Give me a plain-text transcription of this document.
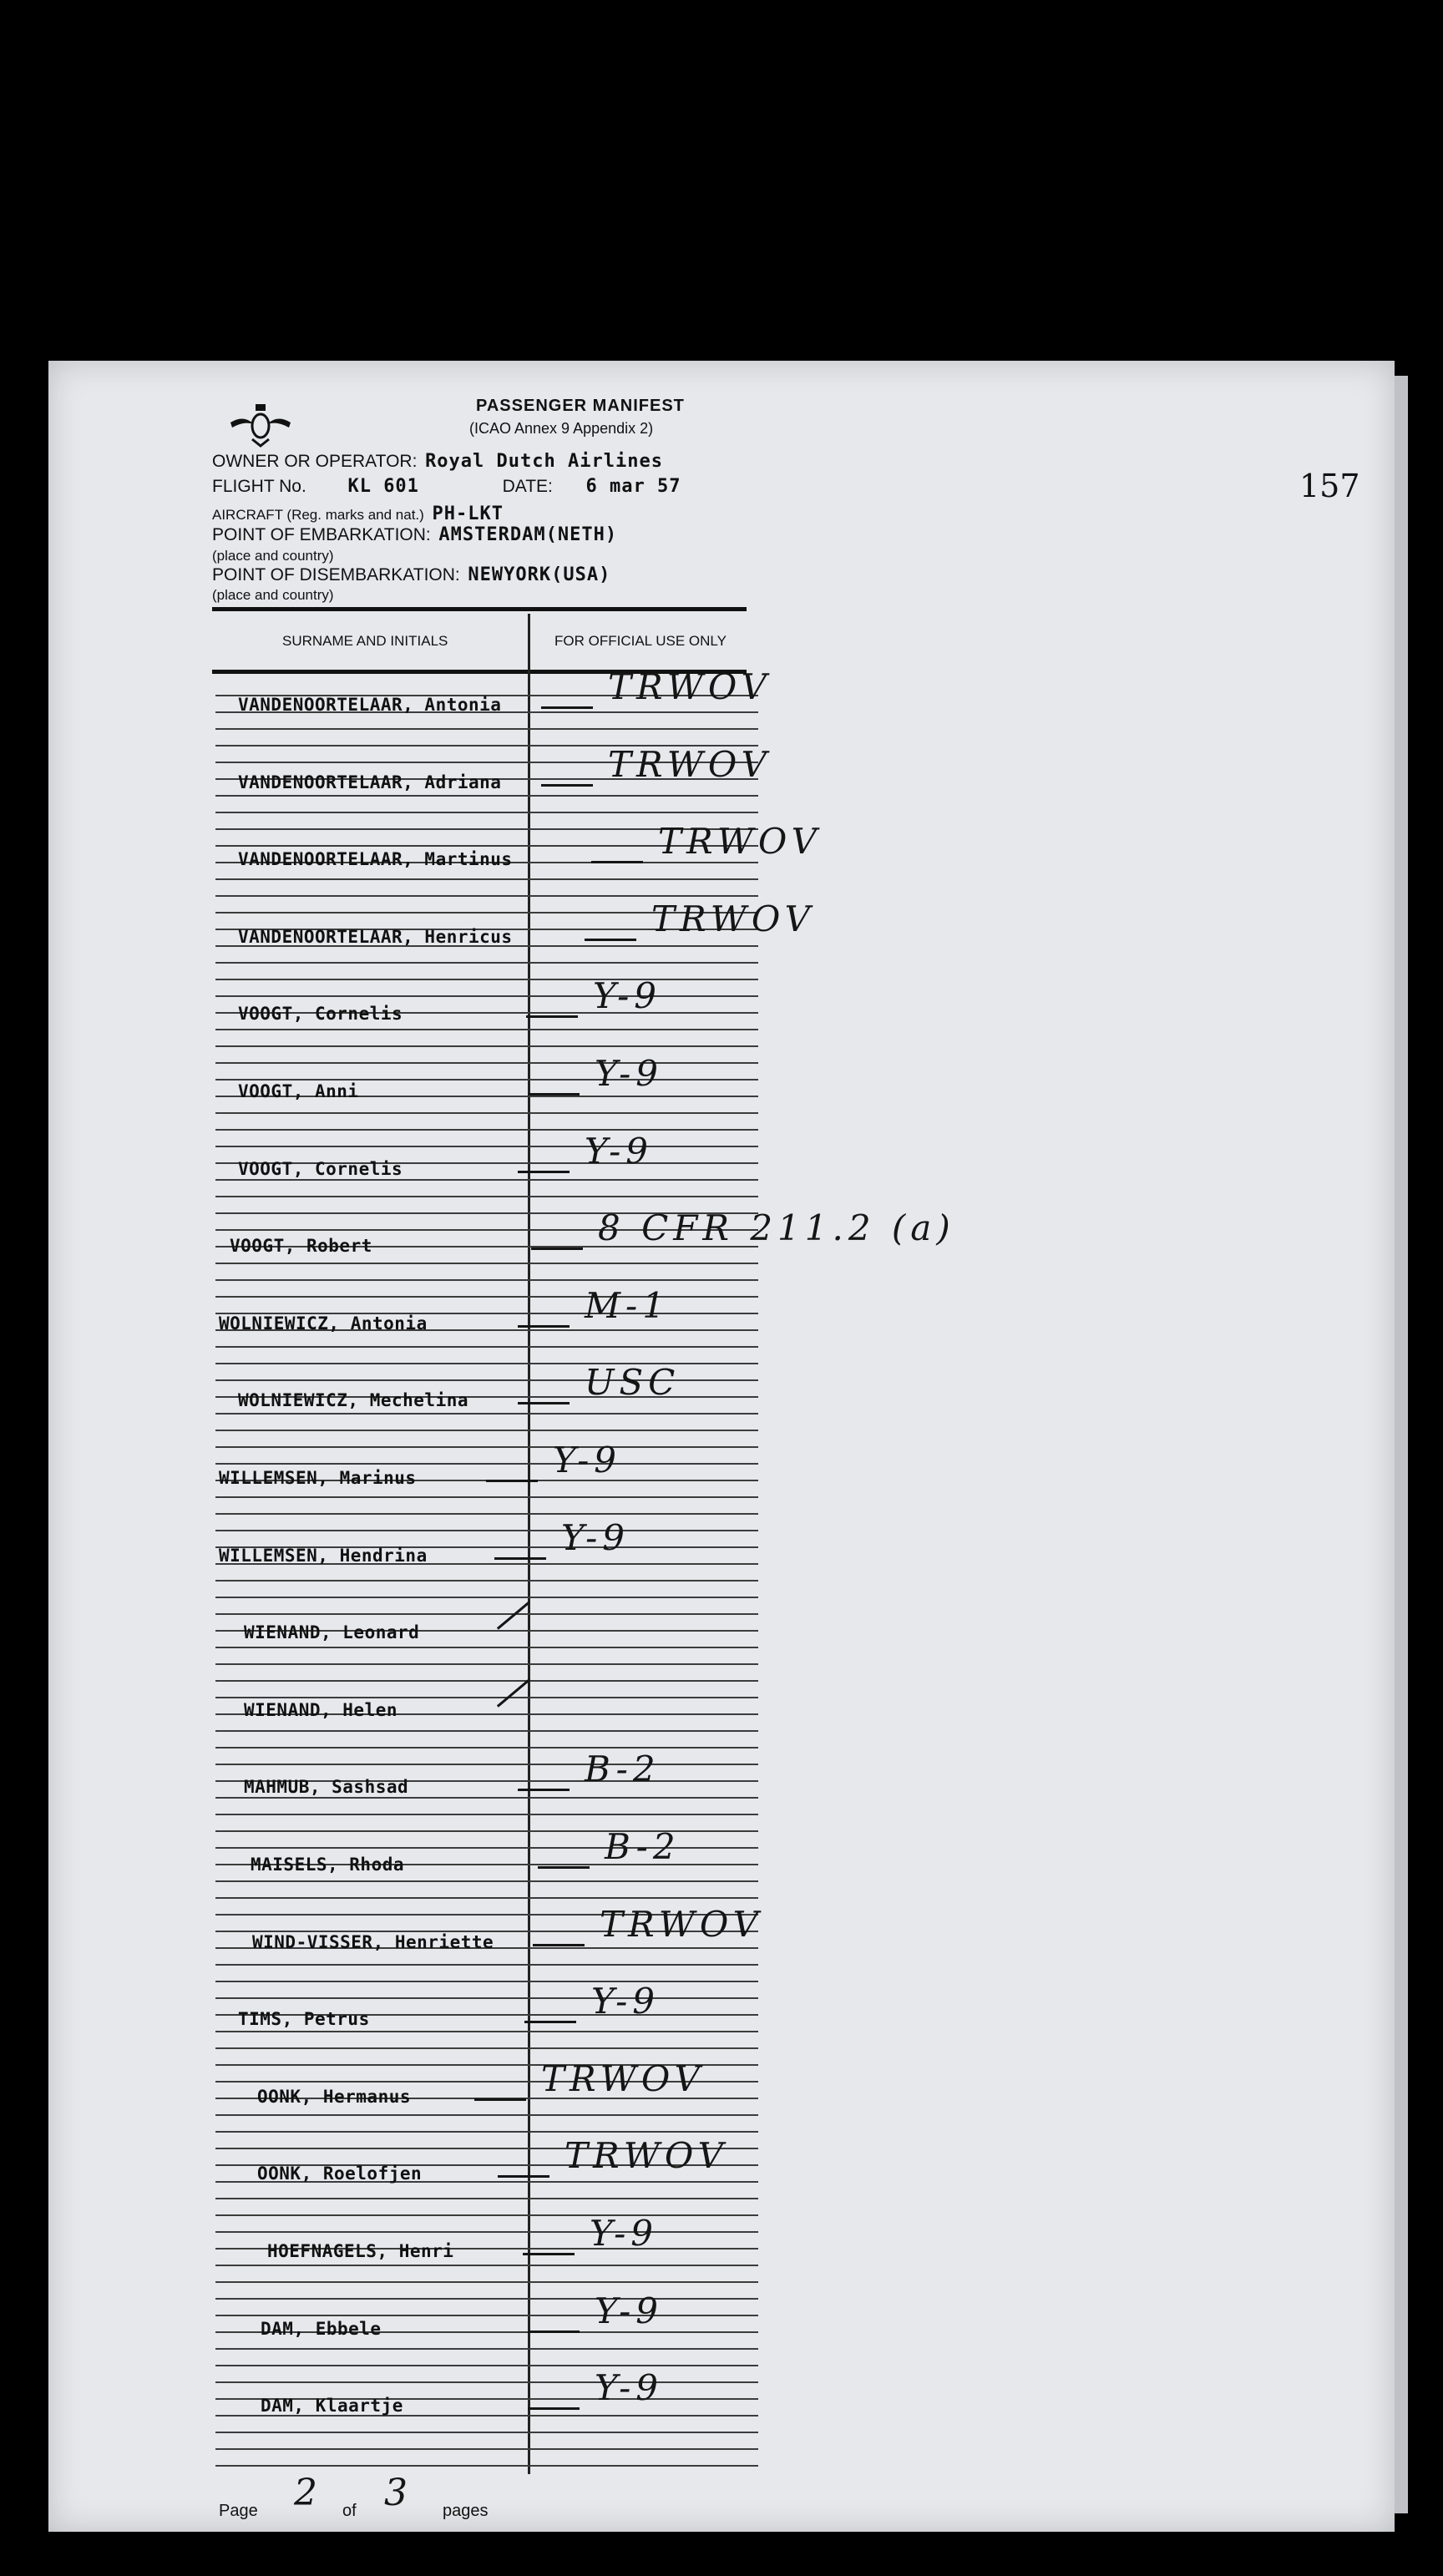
157
PASSENGER MANIFEST
(ICAO Annex 9 Appendix 2)
OWNER OR OPERATOR: Royal Dutch Airlines
FLIGHT No. KL 601	DATE: 6 mar 57
AIRCRAFT (Reg. marks and nat.) PH-LKT
POINT OF EMBARKATION: AMSTERDAM(NETH)
(place and country)
POINT OF DISEMBARKATION: NEWYORK(USA)
(place and country)
SURNAME AND INITIALS	FOR OFFICIAL USE ONLY
VANDENOORTELAAR, Antonia	TRWOV
VANDENOORTELAAR, Adriana	TRWOV
VANDENOORTELAAR, Martinus	TRWOV
VANDENOORTELAAR, Henricus	TRWOV
VOOGT, Cornelis	Y-9
VOOGT, Anni	Y-9
VOOGT, Cornelis	Y-9
VOOGT, Robert	8 CFR 211.2 (a)
WOLNIEWICZ, Antonia	M-1
WOLNIEWICZ, Mechelina	USC
WILLEMSEN, Marinus	Y-9
WILLEMSEN, Hendrina	Y-9
WIENAND, Leonard
WIENAND, Helen
MAHMUB, Sashsad	B-2
MAISELS, Rhoda	B-2
WIND-VISSER, Henriette	TRWOV
TIMS, Petrus	Y-9
OONK, Hermanus	TRWOV
OONK, Roelofjen	TRWOV
HOEFNAGELS, Henri	Y-9
DAM, Ebbele	Y-9
DAM, Klaartje	Y-9
Page 2 of 3 pages
